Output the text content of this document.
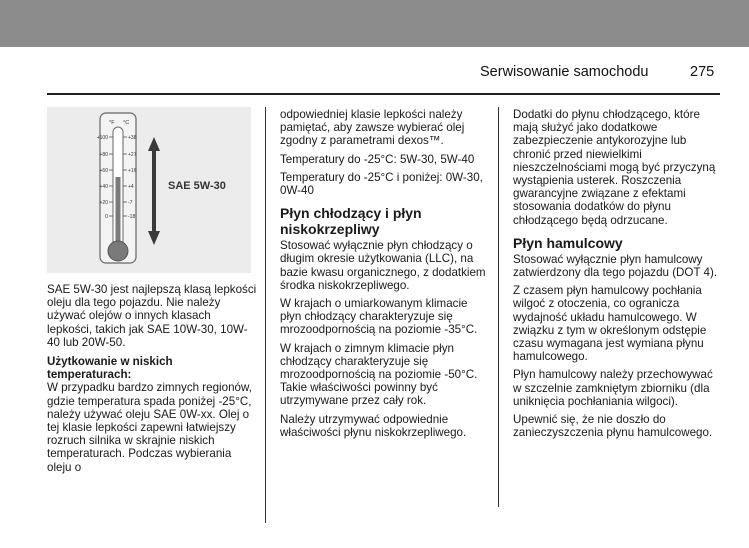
Serwisowanie samochodu	275
°F °C
+100
+80
+60
+40
+20
0
+38
+27
+16
+4
-7
-18
SAE 5W-30

SAE 5W-30 jest najlepszą klasą lepkości oleju dla tego pojazdu. Nie należy używać olejów o innych klasach lepkości, takich jak SAE 10W-30, 10W-40 lub 20W-50.

Użytkowanie w niskich temperaturach:

W przypadku bardzo zimnych regionów, gdzie temperatura spada poniżej -25°C, należy używać oleju SAE 0W-xx. Olej o tej klasie lepkości zapewni łatwiejszy rozruch silnika w skrajnie niskich temperaturach. Podczas wybierania oleju o

odpowiedniej klasie lepkości należy pamiętać, aby zawsze wybierać olej zgodny z parametrami dexos™.

Temperatury do -25°C: 5W-30, 5W-40

Temperatury do -25°C i poniżej: 0W-30, 0W-40

Płyn chłodzący i płyn niskokrzepliwy

Stosować wyłącznie płyn chłodzący o długim okresie użytkowania (LLC), na bazie kwasu organicznego, z dodatkiem środka niskokrzepliwego.

W krajach o umiarkowanym klimacie płyn chłodzący charakteryzuje się mrozoodpornością na poziomie -35°C.

W krajach o zimnym klimacie płyn chłodzący charakteryzuje się mrozoodpornością na poziomie -50°C. Takie właściwości powinny być utrzymywane przez cały rok.

Należy utrzymywać odpowiednie właściwości płynu niskokrzepliwego.

Dodatki do płynu chłodzącego, które mają służyć jako dodatkowe zabezpieczenie antykorozyjne lub chronić przed niewielkimi nieszczelnościami mogą być przyczyną wystąpienia usterek. Roszczenia gwarancyjne związane z efektami stosowania dodatków do płynu chłodzącego będą odrzucane.

Płyn hamulcowy

Stosować wyłącznie płyn hamulcowy zatwierdzony dla tego pojazdu (DOT 4).

Z czasem płyn hamulcowy pochłania wilgoć z otoczenia, co ogranicza wydajność układu hamulcowego. W związku z tym w określonym odstępie czasu wymagana jest wymiana płynu hamulcowego.

Płyn hamulcowy należy przechowywać w szczelnie zamkniętym zbiorniku (dla uniknięcia pochłaniania wilgoci).

Upewnić się, że nie doszło do zanieczyszczenia płynu hamulcowego.
